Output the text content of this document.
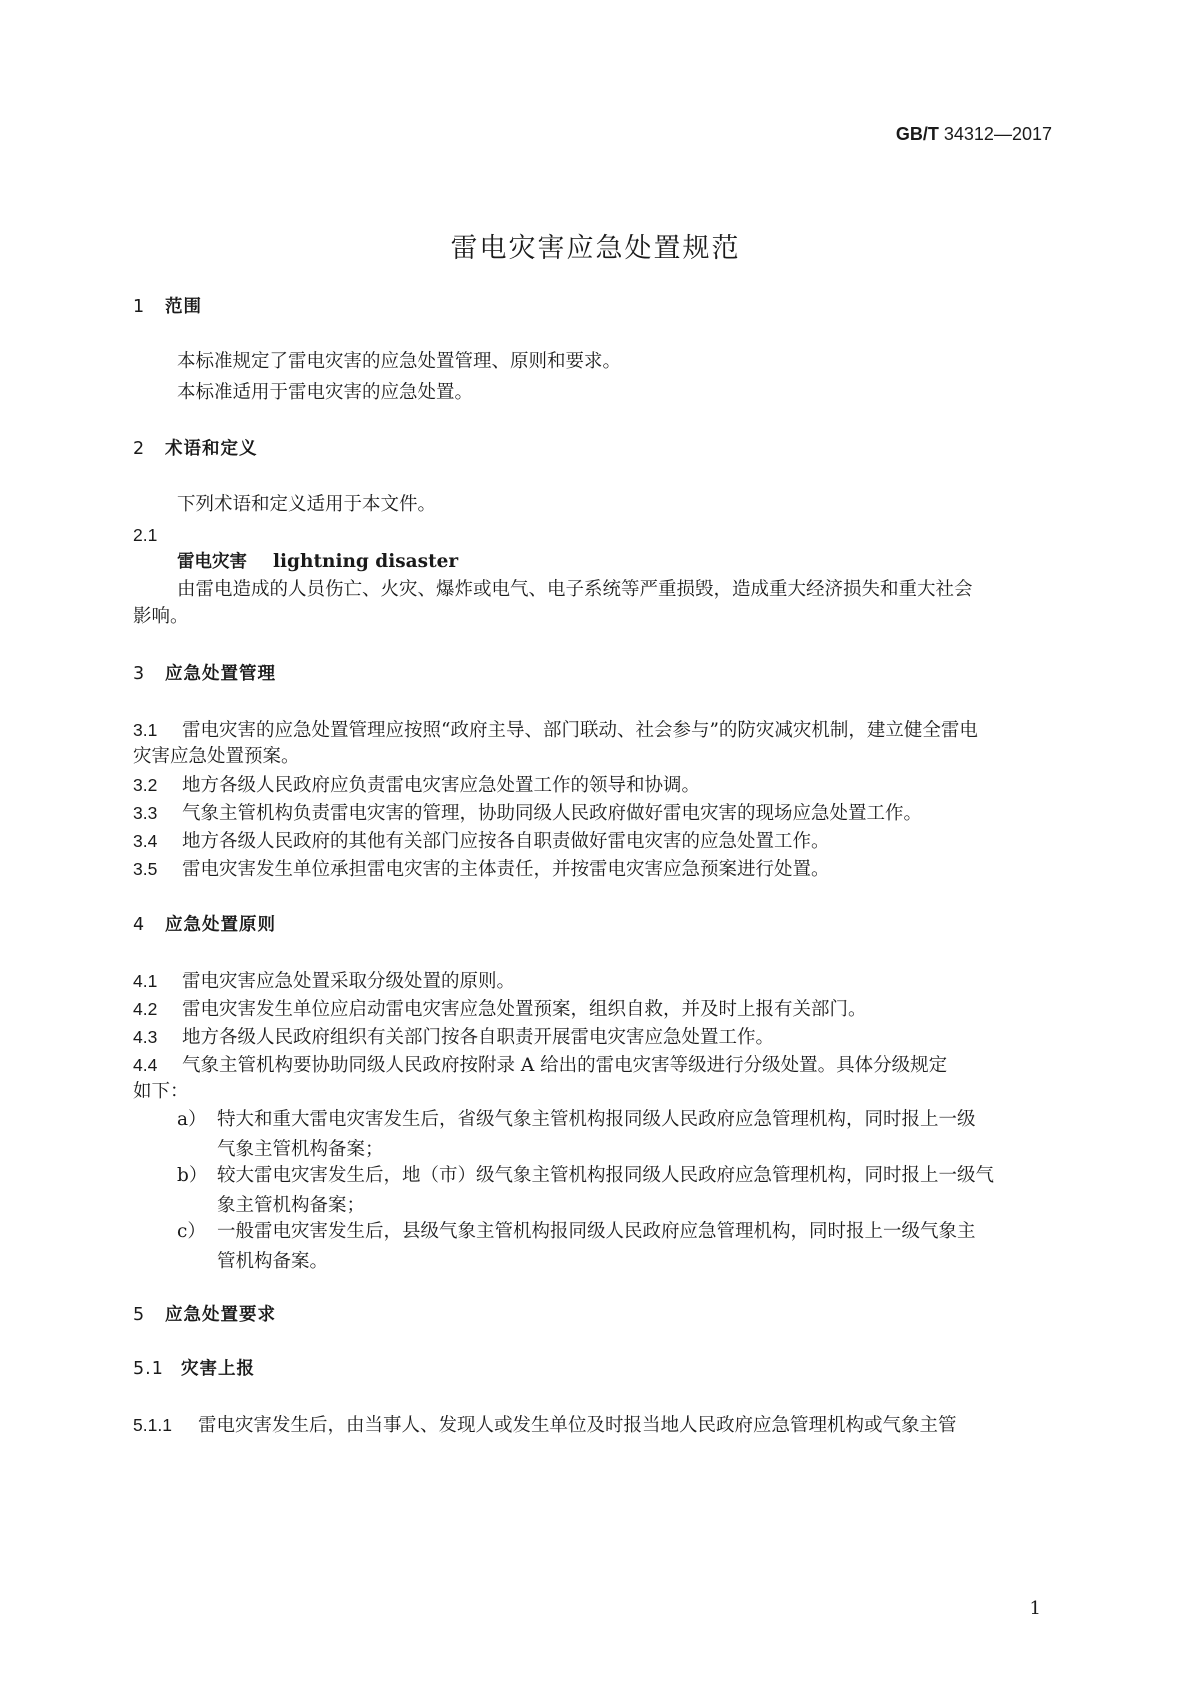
GB/T 34312—2017
雷电灾害应急处置规范
1 范围
本标准规定了雷电灾害的应急处置管理、原则和要求。
本标准适用于雷电灾害的应急处置。
2 术语和定义
下列术语和定义适用于本文件。
2.1
雷电灾害 lightning disaster
由雷电造成的人员伤亡、火灾、爆炸或电气、电子系统等严重损毁，造成重大经济损失和重大社会
影响。
3 应急处置管理
3.1 雷电灾害的应急处置管理应按照“政府主导、部门联动、社会参与”的防灾减灾机制，建立健全雷电
灾害应急处置预案。
3.2 地方各级人民政府应负责雷电灾害应急处置工作的领导和协调。
3.3 气象主管机构负责雷电灾害的管理，协助同级人民政府做好雷电灾害的现场应急处置工作。
3.4 地方各级人民政府的其他有关部门应按各自职责做好雷电灾害的应急处置工作。
3.5 雷电灾害发生单位承担雷电灾害的主体责任，并按雷电灾害应急预案进行处置。
4 应急处置原则
4.1 雷电灾害应急处置采取分级处置的原则。
4.2 雷电灾害发生单位应启动雷电灾害应急处置预案，组织自救，并及时上报有关部门。
4.3 地方各级人民政府组织有关部门按各自职责开展雷电灾害应急处置工作。
4.4 气象主管机构要协助同级人民政府按附录 A 给出的雷电灾害等级进行分级处置。具体分级规定
如下：
a） 特大和重大雷电灾害发生后，省级气象主管机构报同级人民政府应急管理机构，同时报上一级
气象主管机构备案；
b） 较大雷电灾害发生后，地（市）级气象主管机构报同级人民政府应急管理机构，同时报上一级气
象主管机构备案；
c） 一般雷电灾害发生后，县级气象主管机构报同级人民政府应急管理机构，同时报上一级气象主
管机构备案。
5 应急处置要求
5.1 灾害上报
5.1.1 雷电灾害发生后，由当事人、发现人或发生单位及时报当地人民政府应急管理机构或气象主管
1
